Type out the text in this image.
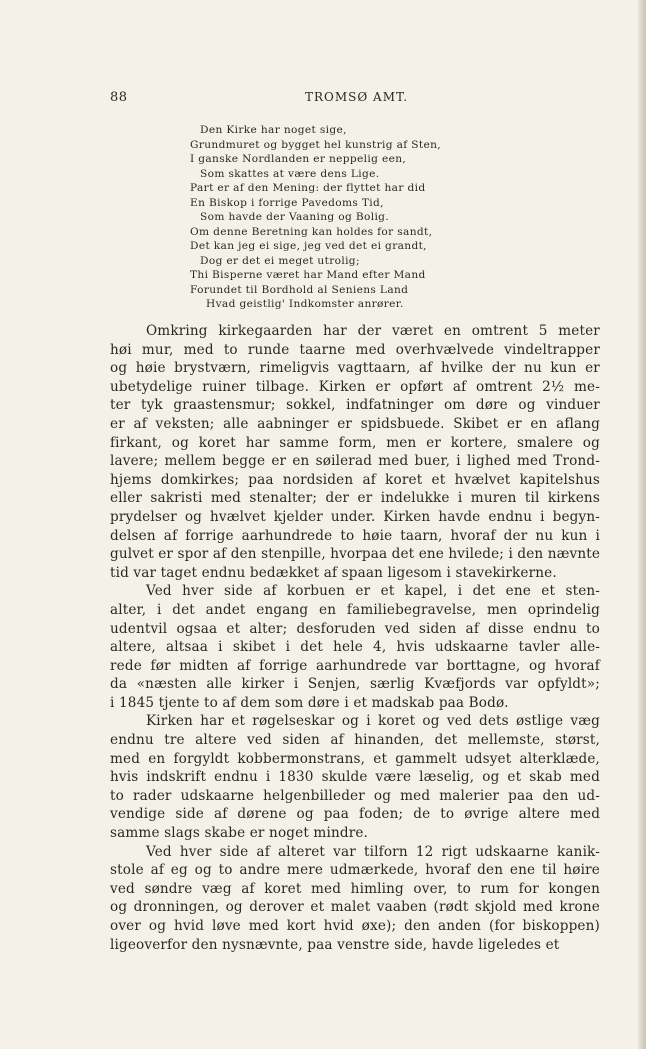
88	TROMSØ AMT.
Den Kirke har noget sige,
Grundmuret og bygget hel kunstrig af Sten,
I ganske Nordlanden er neppelig een,
Som skattes at være dens Lige.
Part er af den Mening: der flyttet har did
En Biskop i forrige Pavedoms Tid,
Som havde der Vaaning og Bolig.
Om denne Beretning kan holdes for sandt,
Det kan jeg ei sige, jeg ved det ei grandt,
Dog er det ei meget utrolig;
Thi Bisperne været har Mand efter Mand
Forundet til Bordhold al Seniens Land
Hvad geistlig' Indkomster anrører.
Omkring kirkegaarden har der været en omtrent 5 meter
høi mur, med to runde taarne med overhvælvede vindeltrapper
og høie brystværn, rimeligvis vagttaarn, af hvilke der nu kun er
ubetydelige ruiner tilbage. Kirken er opført af omtrent 2½ me-
ter tyk graastensmur; sokkel, indfatninger om døre og vinduer
er af veksten; alle aabninger er spidsbuede. Skibet er en aflang
firkant, og koret har samme form, men er kortere, smalere og
lavere; mellem begge er en søilerad med buer, i lighed med Trond-
hjems domkirkes; paa nordsiden af koret et hvælvet kapitelshus
eller sakristi med stenalter; der er indelukke i muren til kirkens
prydelser og hvælvet kjelder under. Kirken havde endnu i begyn-
delsen af forrige aarhundrede to høie taarn, hvoraf der nu kun i
gulvet er spor af den stenpille, hvorpaa det ene hvilede; i den nævnte
tid var taget endnu bedækket af spaan ligesom i stavekirkerne.
Ved hver side af korbuen er et kapel, i det ene et sten-
alter, i det andet engang en familiebegravelse, men oprindelig
udentvil ogsaa et alter; desforuden ved siden af disse endnu to
altere, altsaa i skibet i det hele 4, hvis udskaarne tavler alle-
rede før midten af forrige aarhundrede var borttagne, og hvoraf
da «næsten alle kirker i Senjen, særlig Kvæfjords var opfyldt»;
i 1845 tjente to af dem som døre i et madskab paa Bodø.
Kirken har et røgelseskar og i koret og ved dets østlige væg
endnu tre altere ved siden af hinanden, det mellemste, størst,
med en forgyldt kobbermonstrans, et gammelt udsyet alterklæde,
hvis indskrift endnu i 1830 skulde være læselig, og et skab med
to rader udskaarne helgenbilleder og med malerier paa den ud-
vendige side af dørene og paa foden; de to øvrige altere med
samme slags skabe er noget mindre.
Ved hver side af alteret var tilforn 12 rigt udskaarne kanik-
stole af eg og to andre mere udmærkede, hvoraf den ene til høire
ved søndre væg af koret med himling over, to rum for kongen
og dronningen, og derover et malet vaaben (rødt skjold med krone
over og hvid løve med kort hvid øxe); den anden (for biskoppen)
ligeoverfor den nysnævnte, paa venstre side, havde ligeledes et
